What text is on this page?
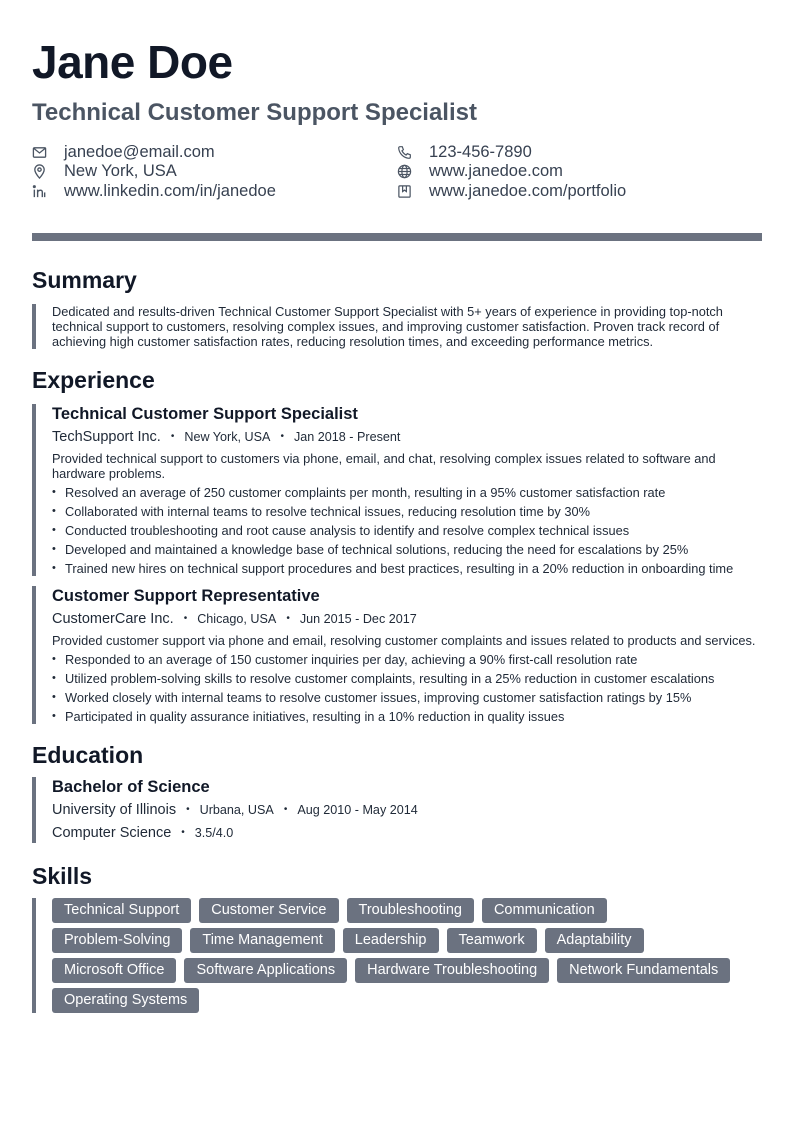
Jane Doe
Technical Customer Support Specialist
janedoe@email.com
New York, USA
www.linkedin.com/in/janedoe
123-456-7890
www.janedoe.com
www.janedoe.com/portfolio
Summary

Dedicated and results-driven Technical Customer Support Specialist with 5+ years of experience in providing top-notch technical support to customers, resolving complex issues, and improving customer satisfaction. Proven track record of achieving high customer satisfaction rates, reducing resolution times, and exceeding performance metrics.

Experience
Technical Customer Support Specialist
TechSupport Inc. • New York, USA • Jan 2018 - Present
Provided technical support to customers via phone, email, and chat, resolving complex issues related to software and hardware problems.
• Resolved an average of 250 customer complaints per month, resulting in a 95% customer satisfaction rate
• Collaborated with internal teams to resolve technical issues, reducing resolution time by 30%
• Conducted troubleshooting and root cause analysis to identify and resolve complex technical issues
• Developed and maintained a knowledge base of technical solutions, reducing the need for escalations by 25%
• Trained new hires on technical support procedures and best practices, resulting in a 20% reduction in onboarding time
Customer Support Representative
CustomerCare Inc. • Chicago, USA • Jun 2015 - Dec 2017
Provided customer support via phone and email, resolving customer complaints and issues related to products and services.
• Responded to an average of 150 customer inquiries per day, achieving a 90% first-call resolution rate
• Utilized problem-solving skills to resolve customer complaints, resulting in a 25% reduction in customer escalations
• Worked closely with internal teams to resolve customer issues, improving customer satisfaction ratings by 15%
• Participated in quality assurance initiatives, resulting in a 10% reduction in quality issues
Education
Bachelor of Science
University of Illinois • Urbana, USA • Aug 2010 - May 2014
Computer Science • 3.5/4.0
Skills
Technical Support	Customer Service	Troubleshooting	Communication
Problem-Solving	Time Management	Leadership	Teamwork	Adaptability
Microsoft Office	Software Applications	Hardware Troubleshooting	Network Fundamentals
Operating Systems
